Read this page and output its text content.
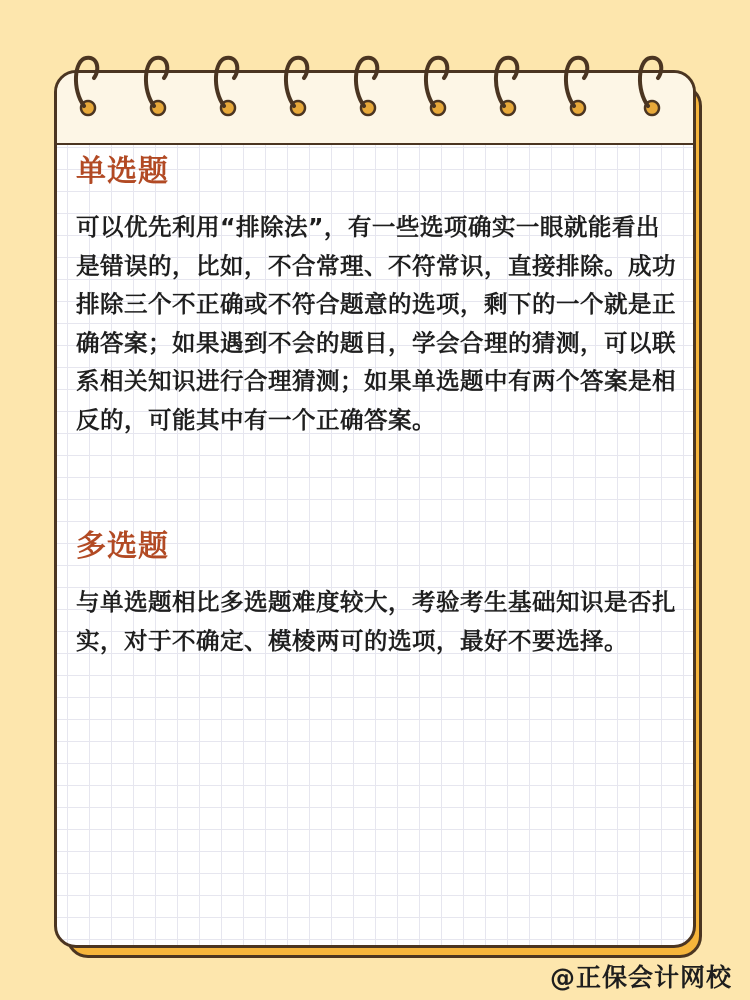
单选题

可以优先利用“排除法”，有一些选项确实一眼就能看出是错误的，比如，不合常理、不符常识，直接排除。成功排除三个不正确或不符合题意的选项，剩下的一个就是正确答案；如果遇到不会的题目，学会合理的猜测，可以联系相关知识进行合理猜测；如果单选题中有两个答案是相反的，可能其中有一个正确答案。

多选题

与单选题相比多选题难度较大，考验考生基础知识是否扎实，对于不确定、模棱两可的选项，最好不要选择。

@正保会计网校
